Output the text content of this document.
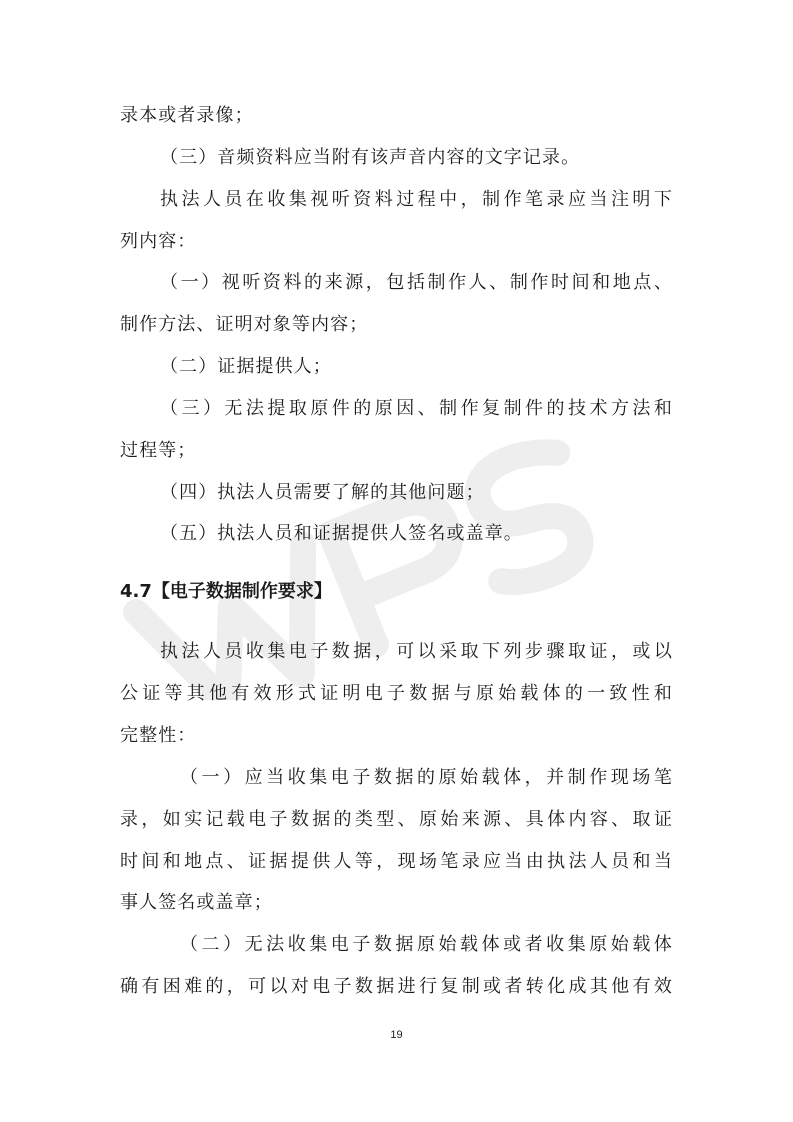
录本或者录像；
（三）音频资料应当附有该声音内容的文字记录。
执法人员在收集视听资料过程中，制作笔录应当注明下
列内容：
（一）视听资料的来源，包括制作人、制作时间和地点、
制作方法、证明对象等内容；
（二）证据提供人；
（三）无法提取原件的原因、制作复制件的技术方法和
过程等；
（四）执法人员需要了解的其他问题；
（五）执法人员和证据提供人签名或盖章。
4.7【电子数据制作要求】
执法人员收集电子数据，可以采取下列步骤取证，或以
公证等其他有效形式证明电子数据与原始载体的一致性和
完整性：
（一）应当收集电子数据的原始载体，并制作现场笔
录，如实记载电子数据的类型、原始来源、具体内容、取证
时间和地点、证据提供人等，现场笔录应当由执法人员和当
事人签名或盖章；
（二）无法收集电子数据原始载体或者收集原始载体
确有困难的，可以对电子数据进行复制或者转化成其他有效
19
